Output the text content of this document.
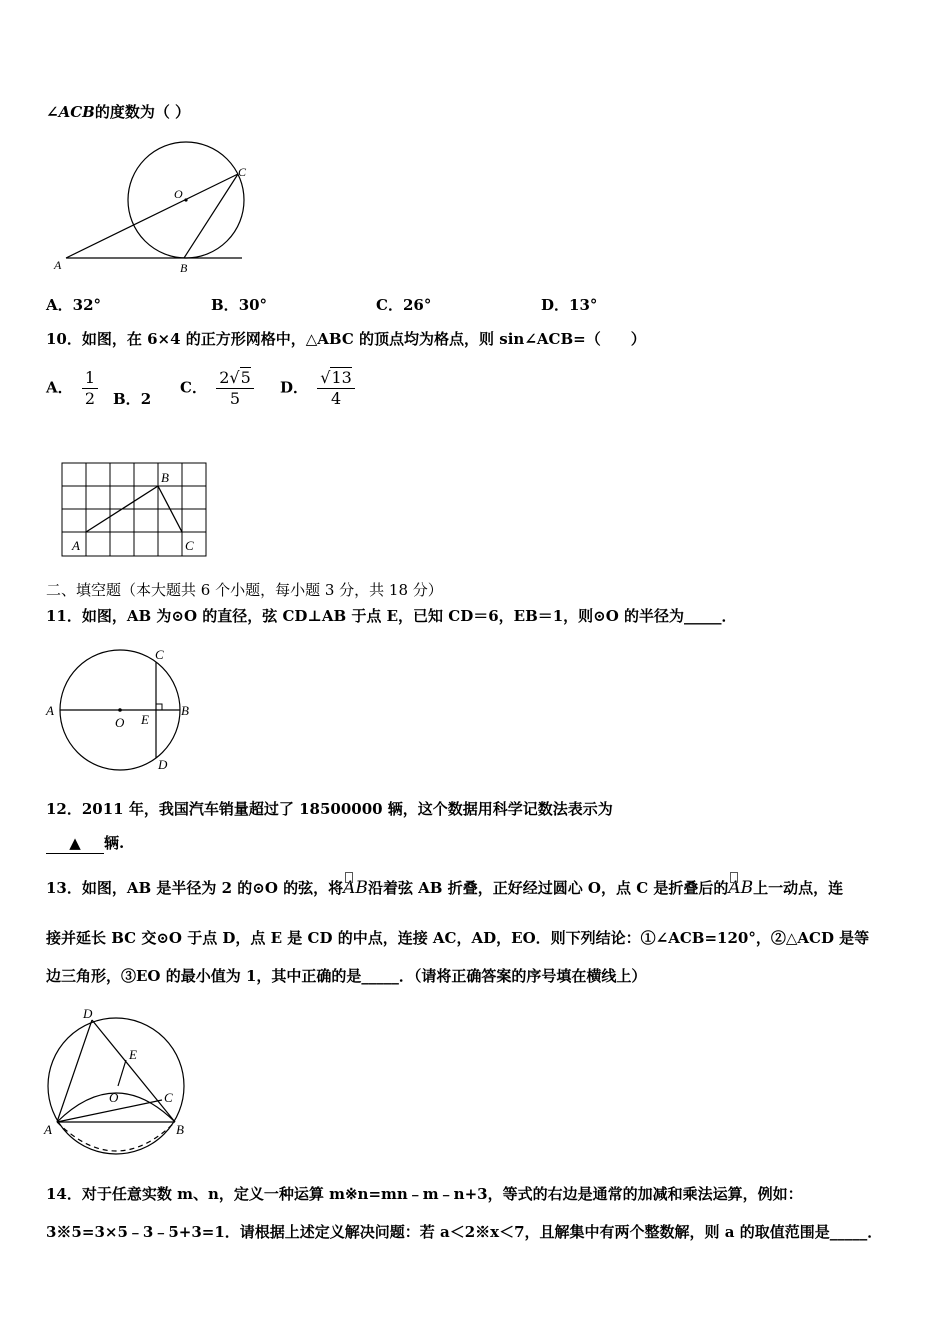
∠ACB的度数为（ ）
A	B
C
O
A．32°	B．30°	C．26°	D．13°
10．如图，在 6×4 的正方形网格中，△ABC 的顶点均为格点，则 sin∠ACB=（　　）
A． $\frac{1}{2}$ B．2
C． $\frac{2√5}{5}$ D． $\frac{√13}{4}$
A
B
C
二、填空题（本大题共 6 个小题，每小题 3 分，共 18 分）
11．如图，AB 为⊙O 的直径，弦 CD⊥AB 于点 E，已知 CD＝6，EB＝1，则⊙O 的半径为_____．
A	B
C
D
E
O
12．2011 年，我国汽车销量超过了 18500000 辆，这个数据用科学记数法表示为
▲ 辆.
13．如图，AB 是半径为 2 的⊙O 的弦，将
AB沿着弦 AB 折叠，正好经过圆心 O，点 C 是折叠后的
AB上一动点，连
接并延长 BC 交⊙O 于点 D，点 E 是 CD 的中点，连接 AC，AD，EO．则下列结论：①∠ACB=120°，②△ACD 是等
边三角形，③EO 的最小值为 1，其中正确的是_____．（请将正确答案的序号填在横线上）
A	B
C
D
E
O
14．对于任意实数 m、n，定义一种运算 m※n=mn﹣m﹣n+3，等式的右边是通常的加减和乘法运算，例如：
3※5=3×5﹣3﹣5+3=1．请根据上述定义解决问题：若 a＜2※x＜7，且解集中有两个整数解，则 a 的取值范围是_____．
